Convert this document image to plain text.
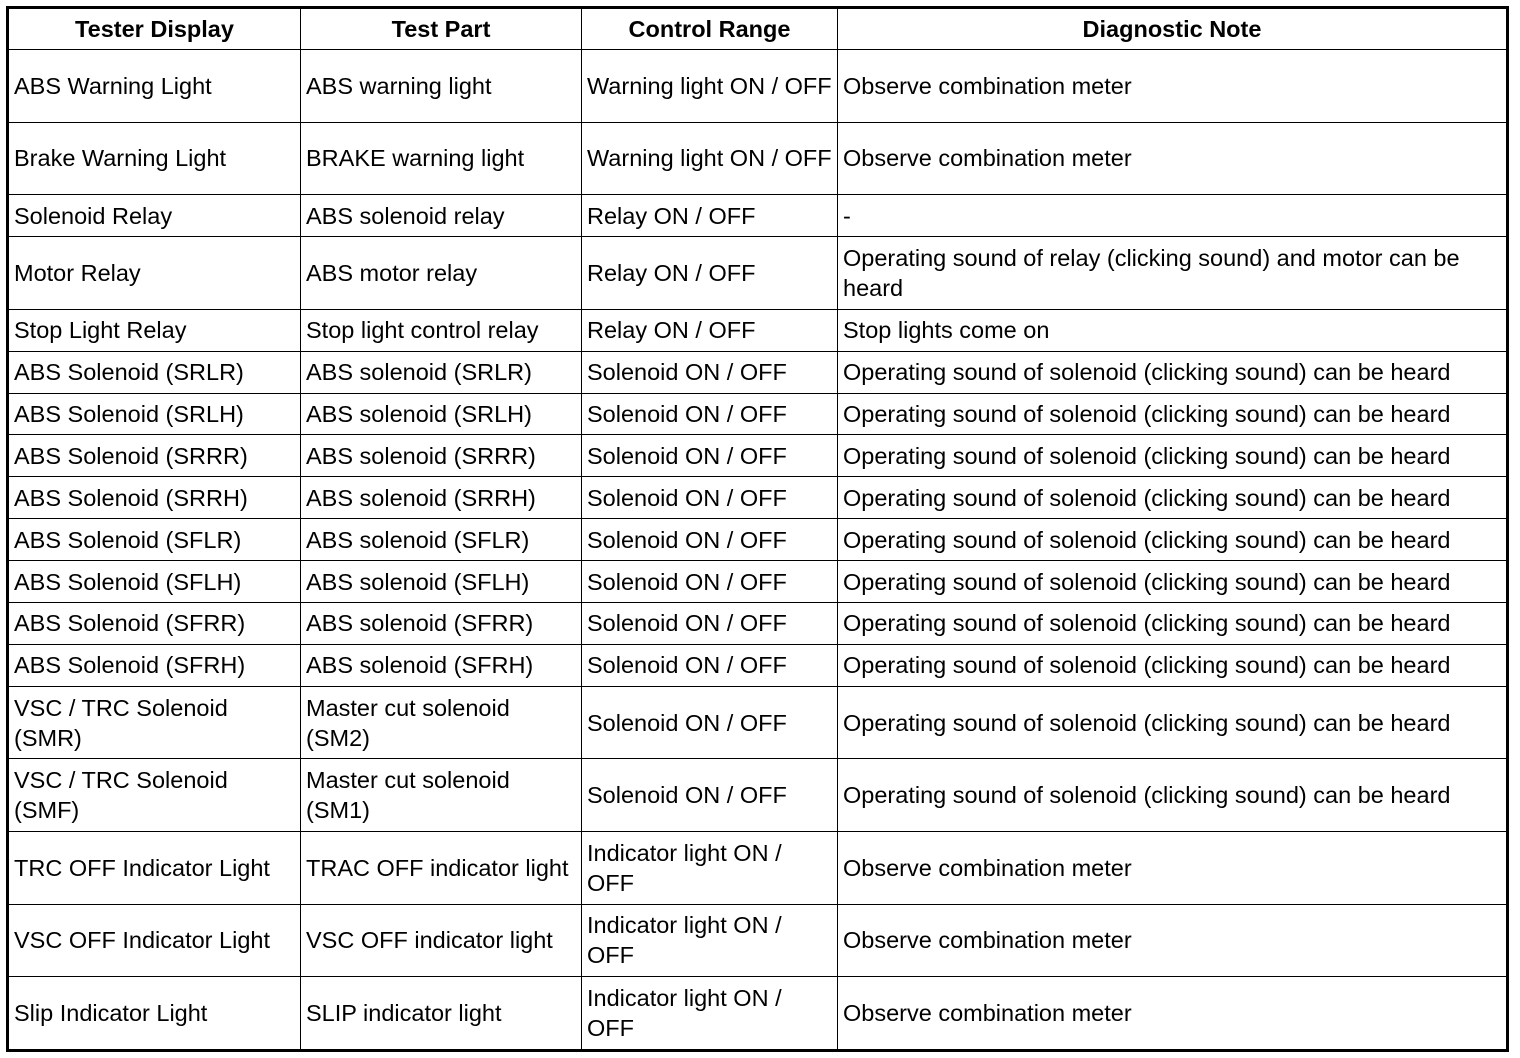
Tester Display	Test Part	Control Range	Diagnostic Note
ABS Warning Light	ABS warning light	Warning light ON / OFF	Observe combination meter
Brake Warning Light	BRAKE warning light	Warning light ON / OFF	Observe combination meter
Solenoid Relay	ABS solenoid relay	Relay ON / OFF	-
Motor Relay	ABS motor relay	Relay ON / OFF	Operating sound of relay (clicking sound) and motor can be heard
Stop Light Relay	Stop light control relay	Relay ON / OFF	Stop lights come on
ABS Solenoid (SRLR)	ABS solenoid (SRLR)	Solenoid ON / OFF	Operating sound of solenoid (clicking sound) can be heard
ABS Solenoid (SRLH)	ABS solenoid (SRLH)	Solenoid ON / OFF	Operating sound of solenoid (clicking sound) can be heard
ABS Solenoid (SRRR)	ABS solenoid (SRRR)	Solenoid ON / OFF	Operating sound of solenoid (clicking sound) can be heard
ABS Solenoid (SRRH)	ABS solenoid (SRRH)	Solenoid ON / OFF	Operating sound of solenoid (clicking sound) can be heard
ABS Solenoid (SFLR)	ABS solenoid (SFLR)	Solenoid ON / OFF	Operating sound of solenoid (clicking sound) can be heard
ABS Solenoid (SFLH)	ABS solenoid (SFLH)	Solenoid ON / OFF	Operating sound of solenoid (clicking sound) can be heard
ABS Solenoid (SFRR)	ABS solenoid (SFRR)	Solenoid ON / OFF	Operating sound of solenoid (clicking sound) can be heard
ABS Solenoid (SFRH)	ABS solenoid (SFRH)	Solenoid ON / OFF	Operating sound of solenoid (clicking sound) can be heard
VSC / TRC Solenoid (SMR)	Master cut solenoid (SM2)	Solenoid ON / OFF	Operating sound of solenoid (clicking sound) can be heard
VSC / TRC Solenoid (SMF)	Master cut solenoid (SM1)	Solenoid ON / OFF	Operating sound of solenoid (clicking sound) can be heard
TRC OFF Indicator Light	TRAC OFF indicator light	Indicator light ON / OFF	Observe combination meter
VSC OFF Indicator Light	VSC OFF indicator light	Indicator light ON / OFF	Observe combination meter
Slip Indicator Light	SLIP indicator light	Indicator light ON / OFF	Observe combination meter
